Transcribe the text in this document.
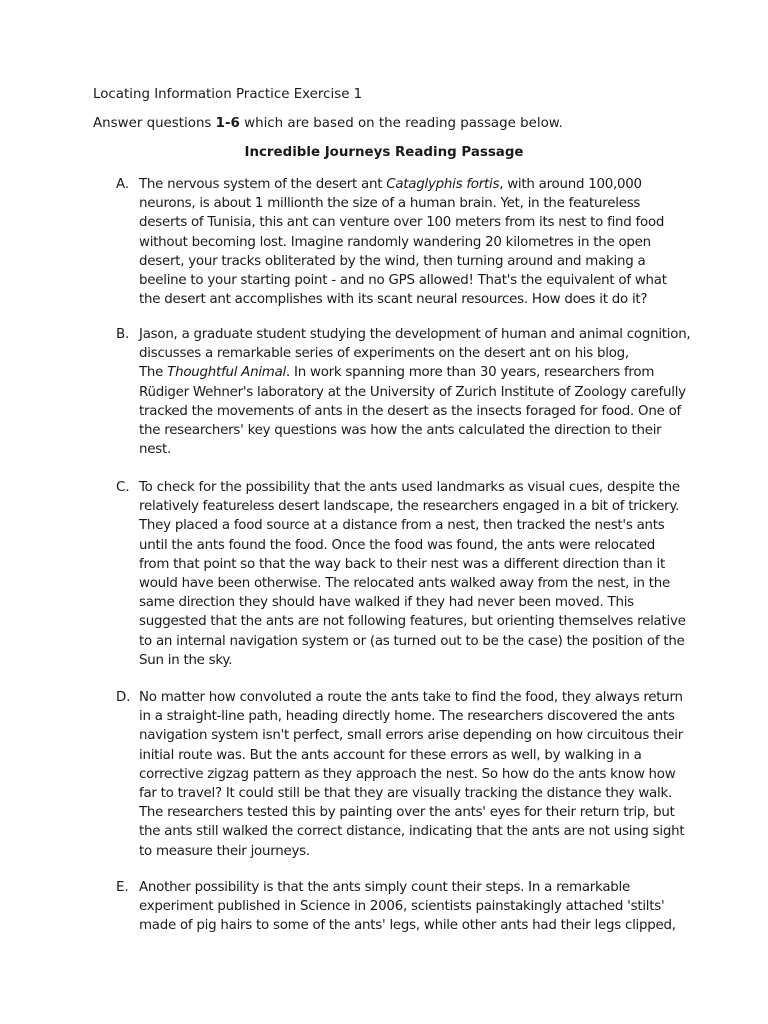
Locating Information Practice Exercise 1
Answer questions 1-6 which are based on the reading passage below.
Incredible Journeys Reading Passage
A. The nervous system of the desert ant Cataglyphis fortis, with around 100,000
neurons, is about 1 millionth the size of a human brain. Yet, in the featureless
deserts of Tunisia, this ant can venture over 100 meters from its nest to find food
without becoming lost. Imagine randomly wandering 20 kilometres in the open
desert, your tracks obliterated by the wind, then turning around and making a
beeline to your starting point - and no GPS allowed! That's the equivalent of what
the desert ant accomplishes with its scant neural resources. How does it do it?
B. Jason, a graduate student studying the development of human and animal cognition,
discusses a remarkable series of experiments on the desert ant on his blog,
The Thoughtful Animal. In work spanning more than 30 years, researchers from
Rüdiger Wehner's laboratory at the University of Zurich Institute of Zoology carefully
tracked the movements of ants in the desert as the insects foraged for food. One of
the researchers' key questions was how the ants calculated the direction to their
nest.
C. To check for the possibility that the ants used landmarks as visual cues, despite the
relatively featureless desert landscape, the researchers engaged in a bit of trickery.
They placed a food source at a distance from a nest, then tracked the nest's ants
until the ants found the food. Once the food was found, the ants were relocated
from that point so that the way back to their nest was a different direction than it
would have been otherwise. The relocated ants walked away from the nest, in the
same direction they should have walked if they had never been moved. This
suggested that the ants are not following features, but orienting themselves relative
to an internal navigation system or (as turned out to be the case) the position of the
Sun in the sky.
D. No matter how convoluted a route the ants take to find the food, they always return
in a straight-line path, heading directly home. The researchers discovered the ants
navigation system isn't perfect, small errors arise depending on how circuitous their
initial route was. But the ants account for these errors as well, by walking in a
corrective zigzag pattern as they approach the nest. So how do the ants know how
far to travel? It could still be that they are visually tracking the distance they walk.
The researchers tested this by painting over the ants' eyes for their return trip, but
the ants still walked the correct distance, indicating that the ants are not using sight
to measure their journeys.
E. Another possibility is that the ants simply count their steps. In a remarkable
experiment published in Science in 2006, scientists painstakingly attached 'stilts'
made of pig hairs to some of the ants' legs, while other ants had their legs clipped,
